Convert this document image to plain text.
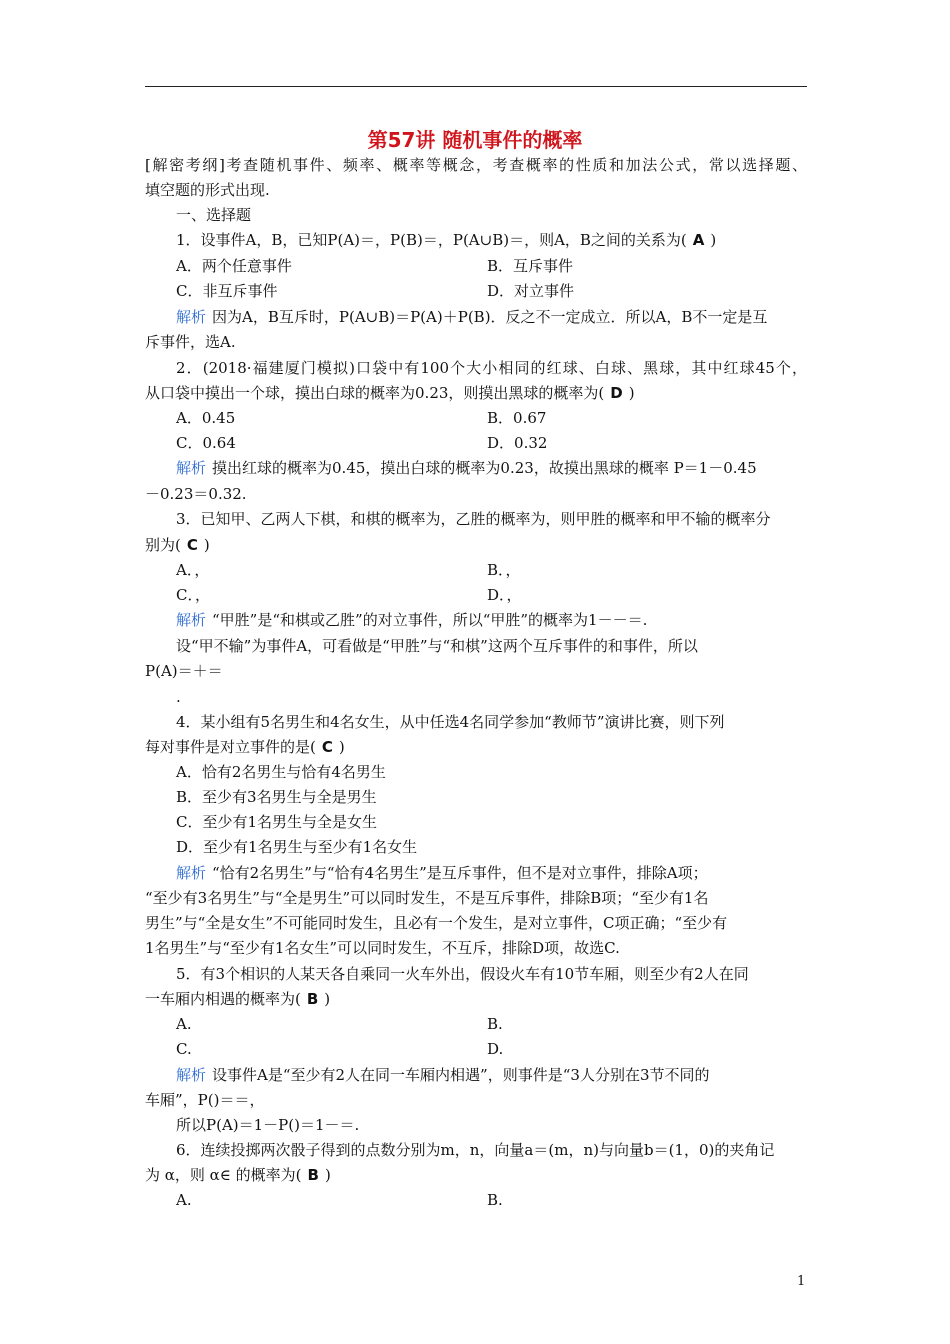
第57讲 随机事件的概率
[解密考纲]考查随机事件、频率、概率等概念，考查概率的性质和加法公式，常以选择题、
填空题的形式出现.
一、选择题
1．设事件A，B，已知P(A)＝，P(B)＝，P(A∪B)＝，则A，B之间的关系为( A )
A．两个任意事件	B．互斥事件
C．非互斥事件	D．对立事件
解析 因为A，B互斥时，P(A∪B)＝P(A)＋P(B)．反之不一定成立．所以A，B不一定是互
斥事件，选A.
2．(2018·福建厦门模拟)口袋中有100个大小相同的红球、白球、黑球，其中红球45个，
从口袋中摸出一个球，摸出白球的概率为0.23，则摸出黑球的概率为( D )
A．0.45	B．0.67
C．0.64	D．0.32
解析 摸出红球的概率为0.45，摸出白球的概率为0.23，故摸出黑球的概率 P＝1－0.45
－0.23＝0.32.
3．已知甲、乙两人下棋，和棋的概率为，乙胜的概率为，则甲胜的概率和甲不输的概率分
别为( C )
A．，	B．，
C．，	D．，
解析 “甲胜”是“和棋或乙胜”的对立事件，所以“甲胜”的概率为1－－＝.
设“甲不输”为事件A，可看做是“甲胜”与“和棋”这两个互斥事件的和事件，所以
P(A)＝＋＝
.
4．某小组有5名男生和4名女生，从中任选4名同学参加“教师节”演讲比赛，则下列
每对事件是对立事件的是( C )
A．恰有2名男生与恰有4名男生
B．至少有3名男生与全是男生
C．至少有1名男生与全是女生
D．至少有1名男生与至少有1名女生
解析 “恰有2名男生”与“恰有4名男生”是互斥事件，但不是对立事件，排除A项；
“至少有3名男生”与“全是男生”可以同时发生，不是互斥事件，排除B项；“至少有1名
男生”与“全是女生”不可能同时发生，且必有一个发生，是对立事件，C项正确；“至少有
1名男生”与“至少有1名女生”可以同时发生，不互斥，排除D项，故选C.
5．有3个相识的人某天各自乘同一火车外出，假设火车有10节车厢，则至少有2人在同
一车厢内相遇的概率为( B )
A.	B.
C.	D.
解析 设事件A是“至少有2人在同一车厢内相遇”，则事件是“3人分别在3节不同的
车厢”，P()＝＝，
所以P(A)＝1－P()＝1－＝.
6．连续投掷两次骰子得到的点数分别为m，n，向量a＝(m，n)与向量b＝(1，0)的夹角记
为 α，则 α∈ 的概率为( B )
A.	B.
1
